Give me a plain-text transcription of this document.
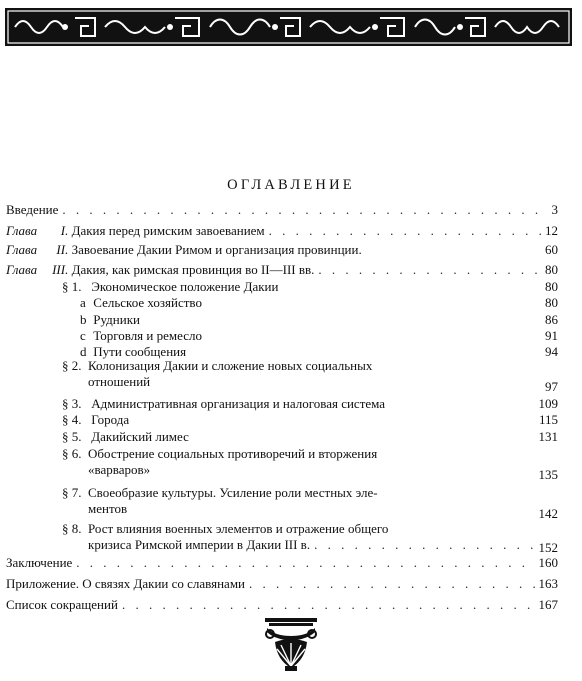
ОГЛАВЛЕНИЕ
Введение . . .	3
Глава I. Дакия перед римским завоеванием . . .	12
Глава II. Завоевание Дакии Римом и организация провинции.	60
Глава III. Дакия, как римская провинция во II—III вв. . . .	80
§ 1. Экономическое положение Дакии	80
a Сельское хозяйство	80
b Рудники	86
c Торговля и ремесло	91
d Пути сообщения	94
§ 2. Колонизация Дакии и сложение новых социальных
отношений	97
§ 3. Административная организация и налоговая система	109
§ 4. Города	115
§ 5. Дакийский лимес	131
§ 6. Обострение социальных противоречий и вторжения
«варваров»	135
§ 7. Своеобразие культуры. Усиление роли местных эле-
ментов	142
§ 8. Рост влияния военных элементов и отражение общего
кризиса Римской империи в Дакии III в. . . .	152
Заключение . . .	160
Приложение. О связях Дакии со славянами . . .	163
Список сокращений . . .	167
